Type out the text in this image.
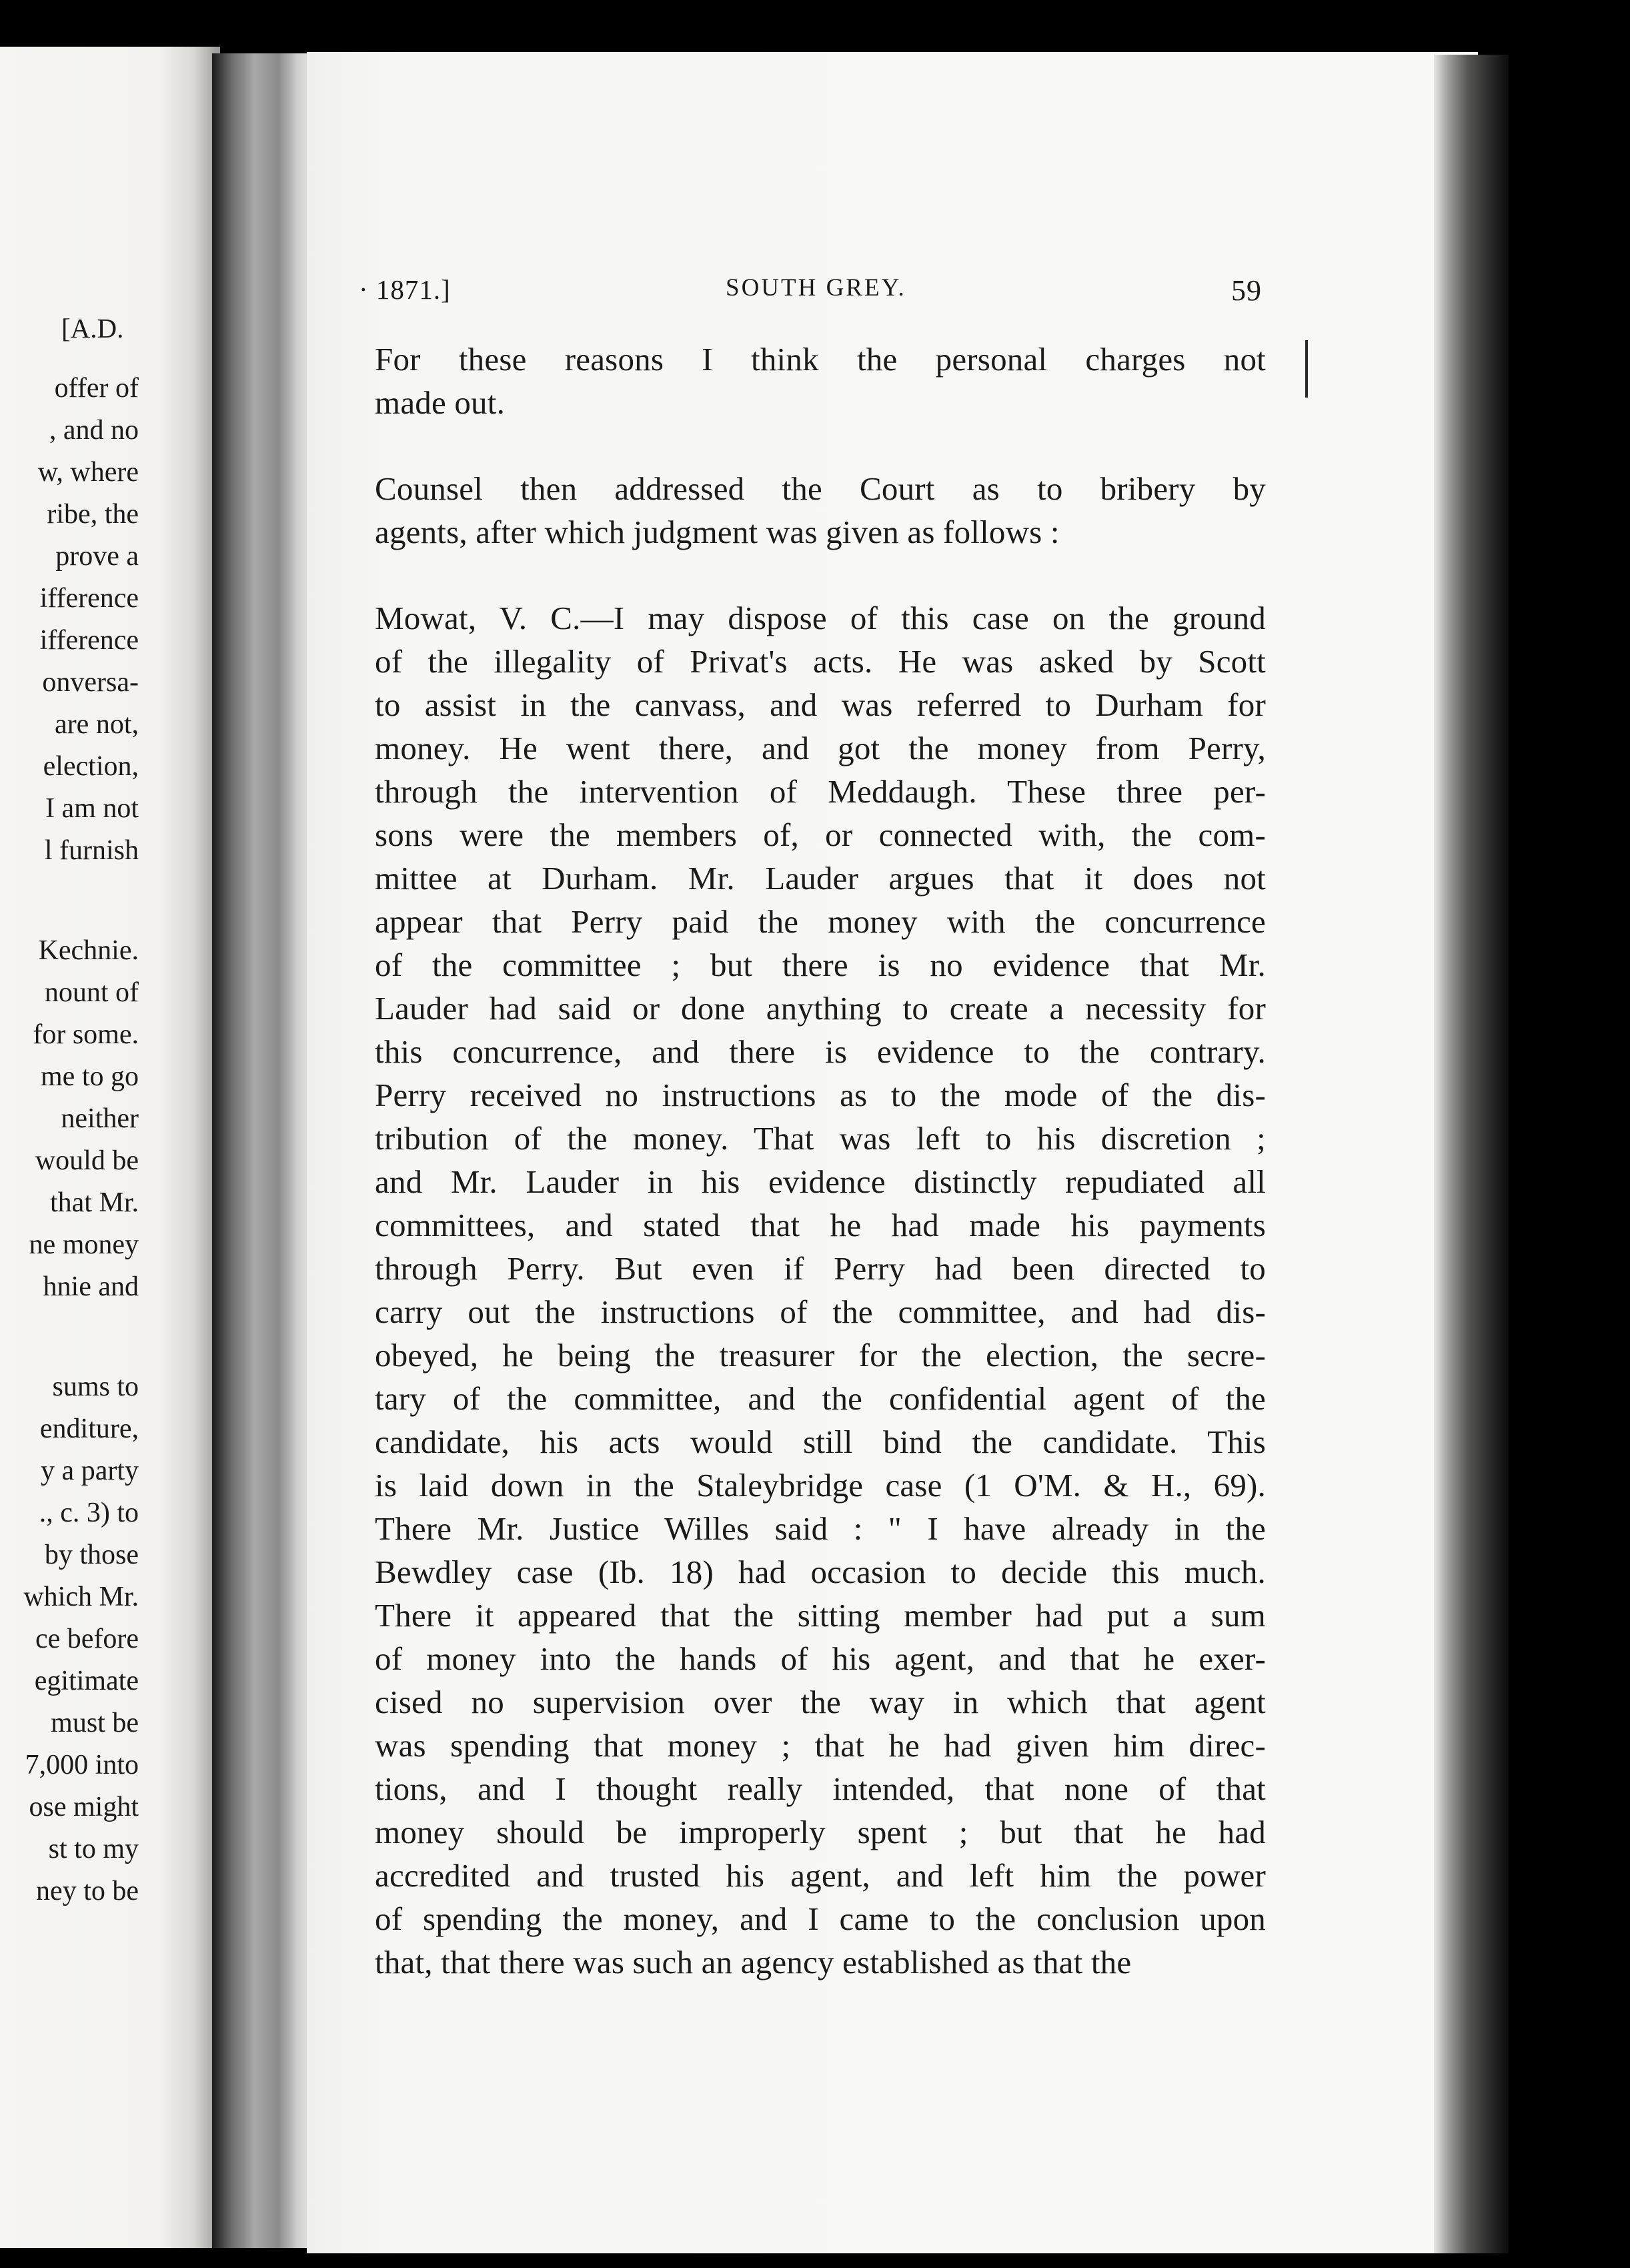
[A.D.
offer of
, and no
w, where
ribe, the
prove a
ifference
ifference
onversa-
are not,
election,
I am not
l furnish
Kechnie.
nount of
for some.
me to go
neither
would be
that Mr.
ne money
hnie and
sums to
enditure,
y a party
., c. 3) to
by those
which Mr.
ce before
egitimate
must be
7,000 into
ose might
st to my
ney to be
· 1871.]	SOUTH GREY.	59
For these reasons I think the personal charges not
made out.
Counsel then addressed the Court as to bribery by
agents, after which judgment was given as follows :
Mowat, V. C.—I may dispose of this case on the ground
of the illegality of Privat's acts. He was asked by Scott
to assist in the canvass, and was referred to Durham for
money. He went there, and got the money from Perry,
through the intervention of Meddaugh. These three per-
sons were the members of, or connected with, the com-
mittee at Durham. Mr. Lauder argues that it does not
appear that Perry paid the money with the concurrence
of the committee ; but there is no evidence that Mr.
Lauder had said or done anything to create a necessity for
this concurrence, and there is evidence to the contrary.
Perry received no instructions as to the mode of the dis-
tribution of the money. That was left to his discretion ;
and Mr. Lauder in his evidence distinctly repudiated all
committees, and stated that he had made his payments
through Perry. But even if Perry had been directed to
carry out the instructions of the committee, and had dis-
obeyed, he being the treasurer for the election, the secre-
tary of the committee, and the confidential agent of the
candidate, his acts would still bind the candidate. This
is laid down in the Staleybridge case (1 O'M. & H., 69).
There Mr. Justice Willes said : " I have already in the
Bewdley case (Ib. 18) had occasion to decide this much.
There it appeared that the sitting member had put a sum
of money into the hands of his agent, and that he exer-
cised no supervision over the way in which that agent
was spending that money ; that he had given him direc-
tions, and I thought really intended, that none of that
money should be improperly spent ; but that he had
accredited and trusted his agent, and left him the power
of spending the money, and I came to the conclusion upon
that, that there was such an agency established as that the
